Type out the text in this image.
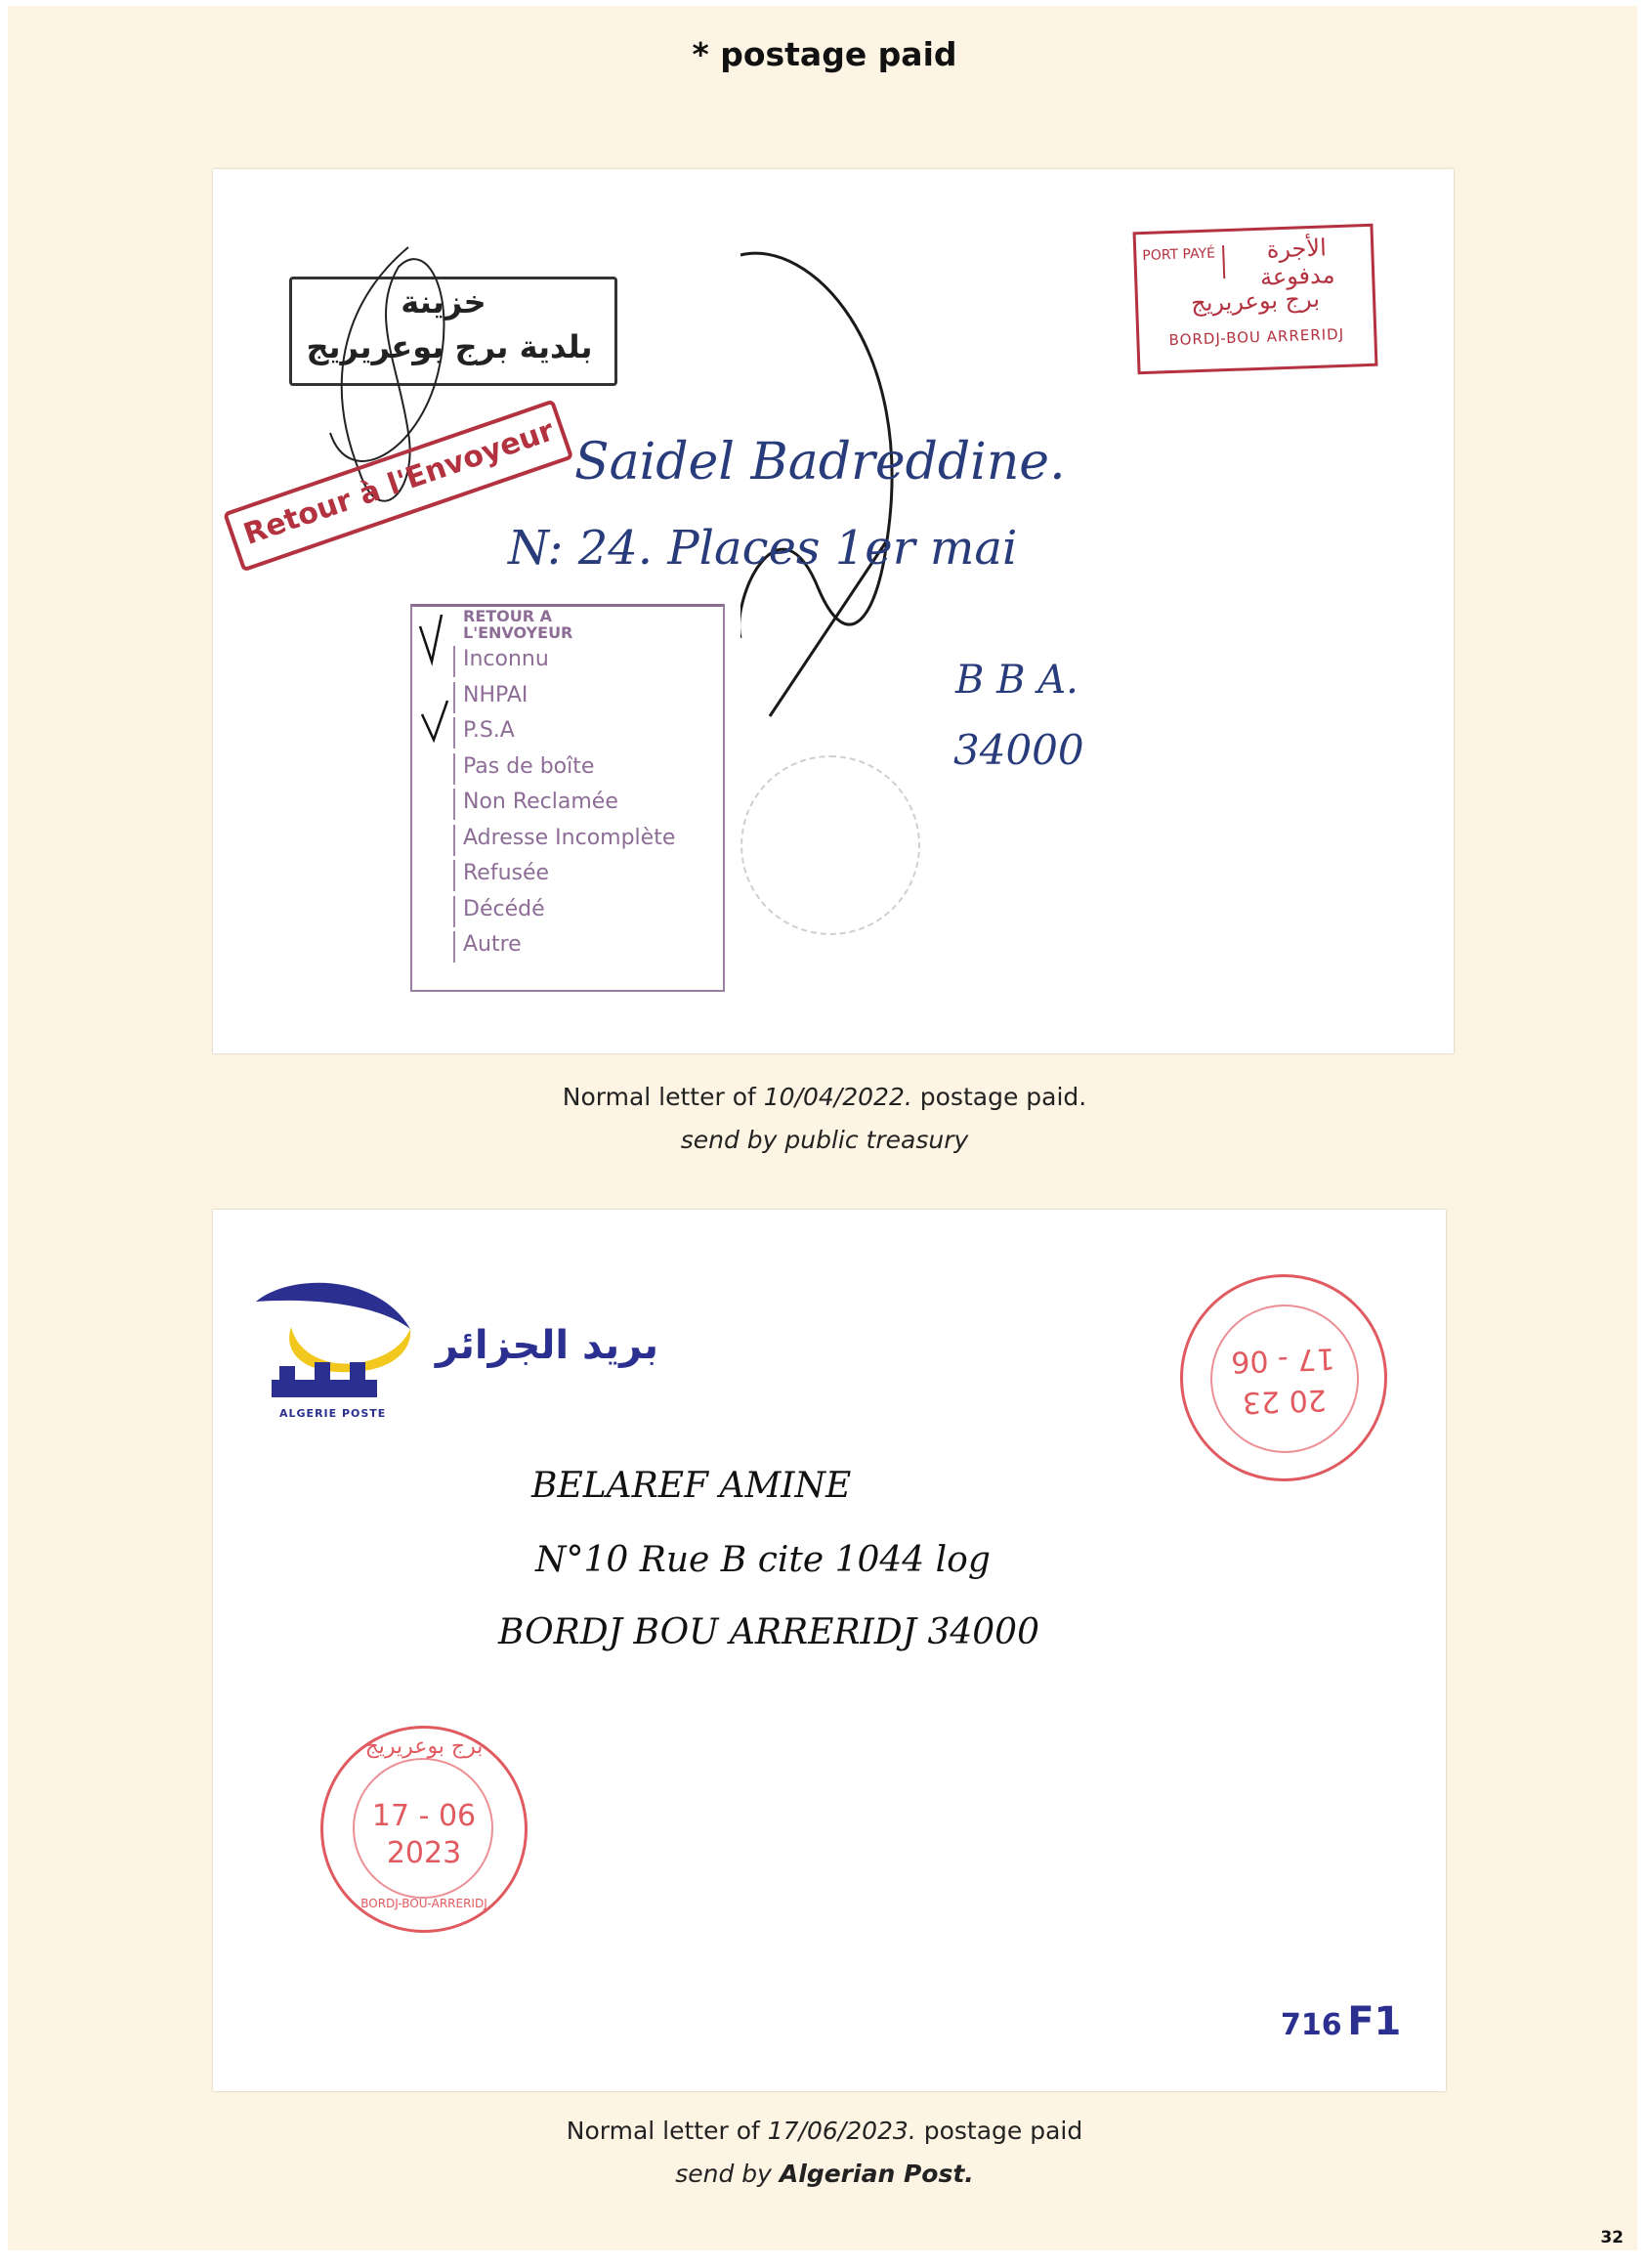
* postage paid
خزينة
بلدية برج بوعريريج
Retour à l'Envoyeur
PORT PAYÉ	الأجرة مدفوعة
برج بوعريريج
BORDJ-BOU ARRERIDJ
Saidel Badreddine.
N: 24. Places 1er mai
B B A.
34000
RETOUR A L'ENVOYEUR
Inconnu
NHPAI
P.S.A
Pas de boîte
Non Reclamée
Adresse Incomplète
Refusée
Décédé
Autre
Normal letter of 10/04/2022. postage paid.
send by public treasury
ALGERIE POSTE
بريد الجزائر
BELAREF AMINE
N°10 Rue B cite 1044 log
BORDJ BOU ARRERIDJ 34000
20 23
17 - 06
برج بوعريريج
17 - 06
2023
BORDJ-BOU-ARRERIDJ
716 F1
Normal letter of 17/06/2023. postage paid
send by Algerian Post.
32
